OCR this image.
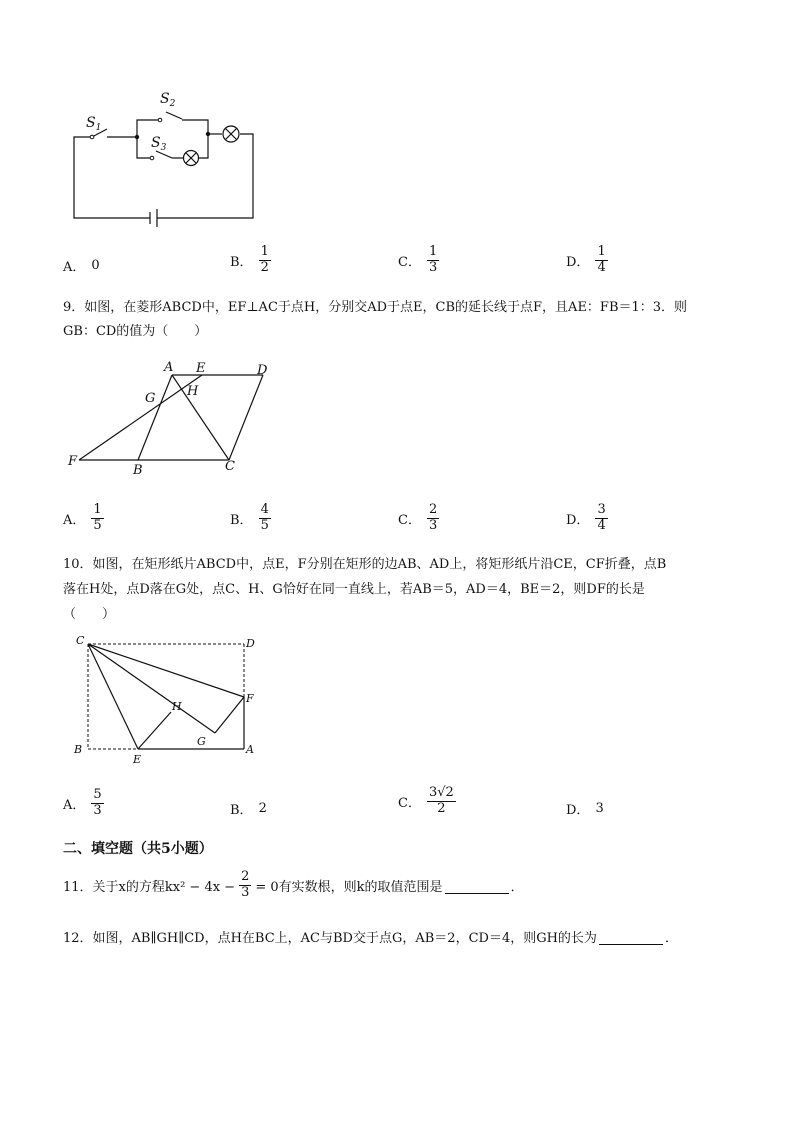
$S_1$
$S_2$
$S_3$
A． 0	B． $\frac{1}{2}$	C． $\frac{1}{3}$	D． $\frac{1}{4}$
9．如图，在菱形ABCD中，EF⊥AC于点H，分别交AD于点E，CB的延长线于点F，且AE：FB＝1：3．则
GB：CD的值为（　　）
A E	D
G H
F
B	C
A． $\frac{1}{5}$	B． $\frac{4}{5}$	C． $\frac{2}{3}$	D． $\frac{3}{4}$
10．如图，在矩形纸片ABCD中，点E，F分别在矩形的边AB、AD上，将矩形纸片沿CE，CF折叠，点B
落在H处，点D落在G处，点C、H、G恰好在同一直线上，若AB＝5，AD＝4，BE＝2，则DF的长是
（　　）
C	D
F
H
G
B
E
A
A． $\frac{5}{3}$	B． 2	C． $\frac{3√2}{2}$	D． 3
二、填空题（共5小题）
11．关于x的方程$kx^2 - 4x - \frac{2}{3} = 0$有实数根，则k的取值范围是	．
12．如图，AB∥GH∥CD，点H在BC上，AC与BD交于点G，AB＝2，CD＝4，则GH的长为	．
